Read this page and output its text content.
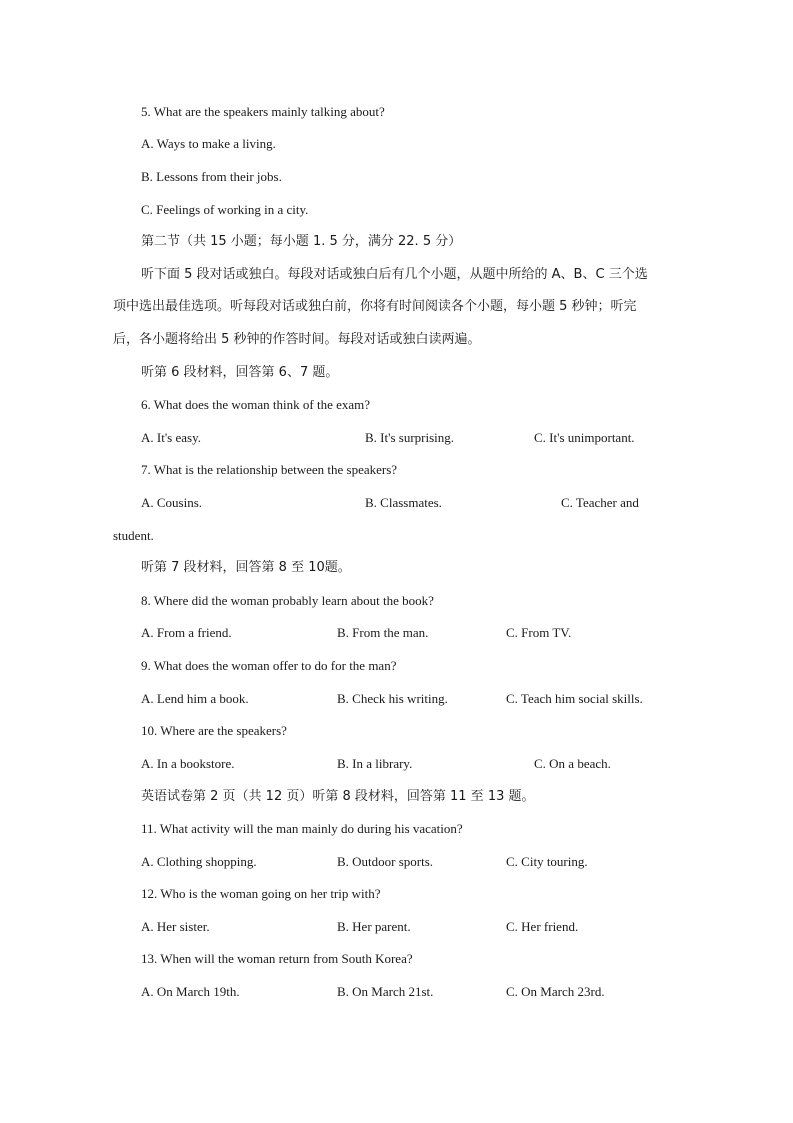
5. What are the speakers mainly talking about?
A. Ways to make a living.
B. Lessons from their jobs.
C. Feelings of working in a city.
第二节（共 15 小题；每小题 1. 5 分，满分 22. 5 分）
听下面 5 段对话或独白。每段对话或独白后有几个小题，从题中所给的 A、B、C 三个选
项中选出最佳选项。听每段对话或独白前，你将有时间阅读各个小题，每小题 5 秒钟；听完
后，各小题将给出 5 秒钟的作答时间。每段对话或独白读两遍。
听第 6 段材料，回答第 6、7 题。
6. What does the woman think of the exam?
A. It's easy.	B. It's surprising.	C. It's unimportant.
7. What is the relationship between the speakers?
A. Cousins.	B. Classmates.	C. Teacher and
student.
听第 7 段材料，回答第 8 至 10题。
8. Where did the woman probably learn about the book?
A. From a friend.	B. From the man.	C. From TV.
9. What does the woman offer to do for the man?
A. Lend him a book.	B. Check his writing.	C. Teach him social skills.
10. Where are the speakers?
A. In a bookstore.	B. In a library.	C. On a beach.
英语试卷第 2 页（共 12 页）听第 8 段材料，回答第 11 至 13 题。
11. What activity will the man mainly do during his vacation?
A. Clothing shopping.	B. Outdoor sports.	C. City touring.
12. Who is the woman going on her trip with?
A. Her sister.	B. Her parent.	C. Her friend.
13. When will the woman return from South Korea?
A. On March 19th.	B. On March 21st.	C. On March 23rd.
